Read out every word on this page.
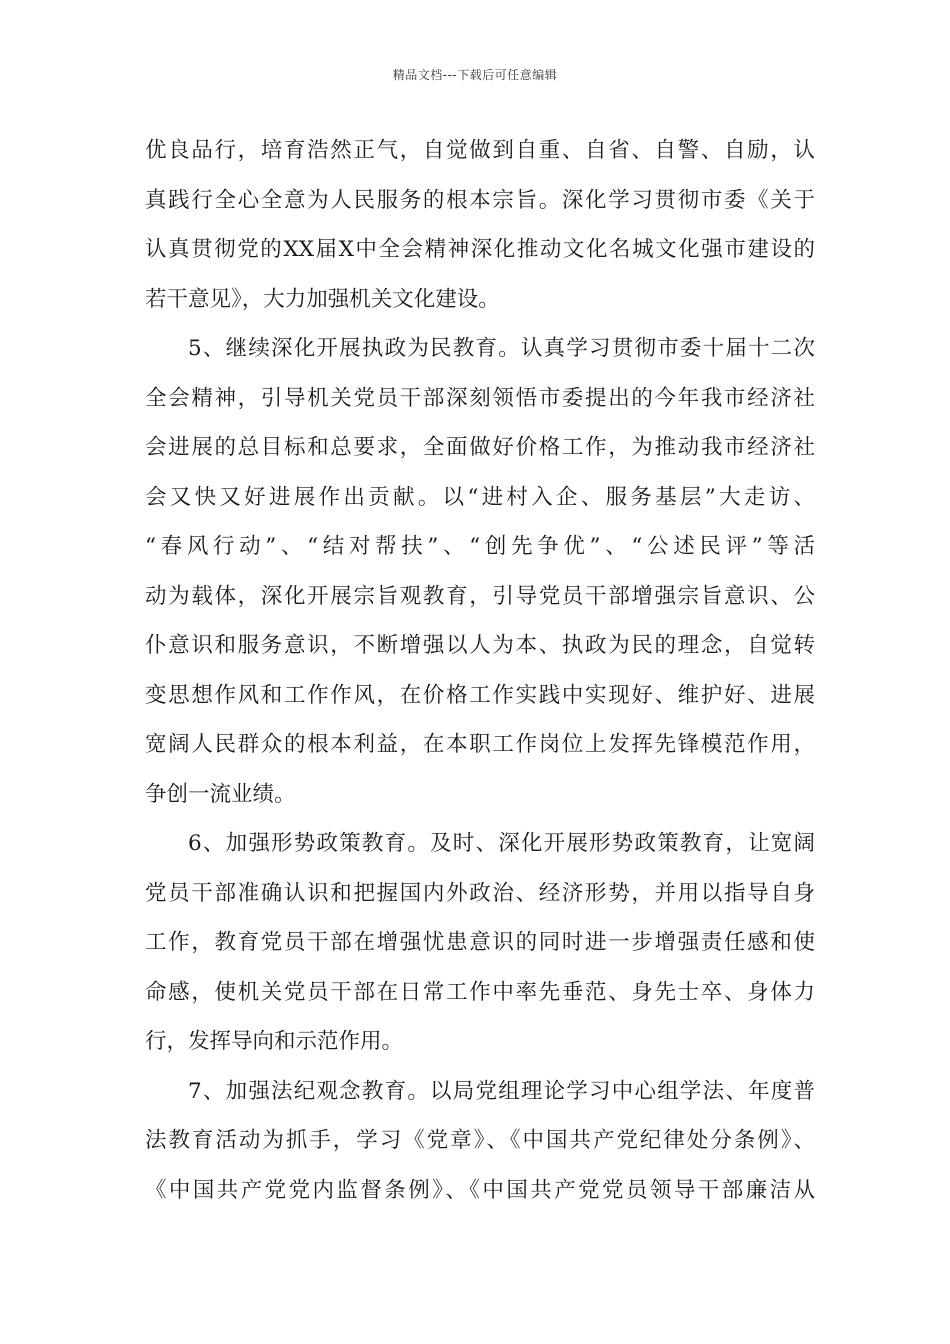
精品文档---下载后可任意编辑
优良品行，培育浩然正气，自觉做到自重、自省、自警、自励，认
真践行全心全意为人民服务的根本宗旨。深化学习贯彻市委《关于
认真贯彻党的XX届X中全会精神深化推动文化名城文化强市建设的
若干意见》，大力加强机关文化建设。
5、继续深化开展执政为民教育。认真学习贯彻市委十届十二次
全会精神，引导机关党员干部深刻领悟市委提出的今年我市经济社
会进展的总目标和总要求，全面做好价格工作，为推动我市经济社
会又快又好进展作出贡献。以“进村入企、服务基层”大走访、
“春风行动”、“结对帮扶”、“创先争优”、“公述民评”等活
动为载体，深化开展宗旨观教育，引导党员干部增强宗旨意识、公
仆意识和服务意识，不断增强以人为本、执政为民的理念，自觉转
变思想作风和工作作风，在价格工作实践中实现好、维护好、进展
宽阔人民群众的根本利益，在本职工作岗位上发挥先锋模范作用，
争创一流业绩。
6、加强形势政策教育。及时、深化开展形势政策教育，让宽阔
党员干部准确认识和把握国内外政治、经济形势，并用以指导自身
工作，教育党员干部在增强忧患意识的同时进一步增强责任感和使
命感，使机关党员干部在日常工作中率先垂范、身先士卒、身体力
行，发挥导向和示范作用。
7、加强法纪观念教育。以局党组理论学习中心组学法、年度普
法教育活动为抓手，学习《党章》、《中国共产党纪律处分条例》、
《中国共产党党内监督条例》、《中国共产党党员领导干部廉洁从
